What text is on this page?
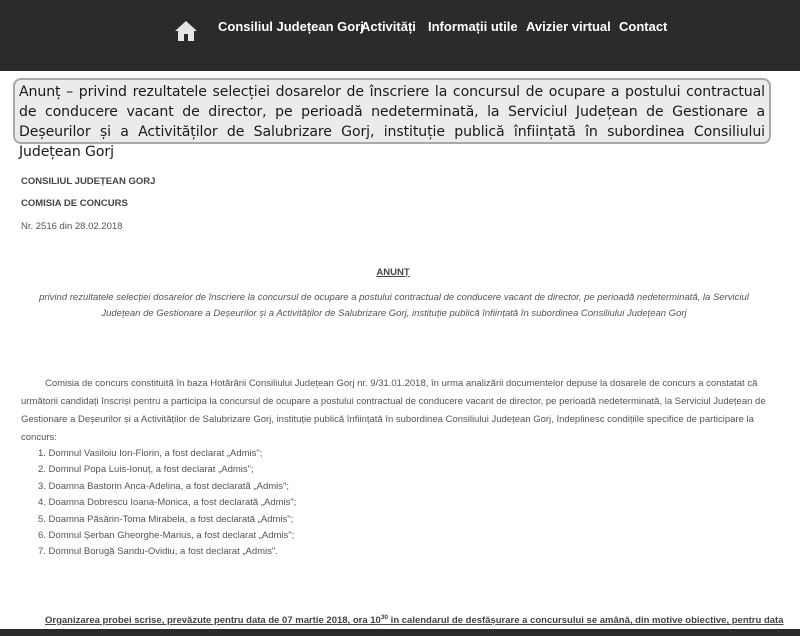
Consiliul Județean Gorj
Activități Informații utile Avizier virtual Contact
Anunț – privind rezultatele selecției dosarelor de înscriere la concursul de ocupare a postului contractual de conducere vacant de director, pe perioadă nedeterminată, la Serviciul Județean de Gestionare a Deșeurilor și a Activităților de Salubrizare Gorj, instituție publică înființată în subordinea Consiliului Județean Gorj
CONSILIUL JUDEȚEAN GORJ
COMISIA DE CONCURS
Nr. 2516 din 28.02.2018
ANUNȚ
privind rezultatele selecției dosarelor de înscriere la concursul de ocupare a postului contractual de conducere vacant de director, pe perioadă nedeterminată, la Serviciul Județean de Gestionare a Deșeurilor și a Activităților de Salubrizare Gorj, instituție publică înființată în subordinea Consiliului Județean Gorj
Comisia de concurs constituită în baza Hotărârii Consiliului Județean Gorj nr. 9/31.01.2018, în urma analizării documentelor depuse la dosarele de concurs a constatat că următorii candidați înscriși pentru a participa la concursul de ocupare a postului contractual de conducere vacant de director, pe perioadă nedeterminată, la Serviciul Județean de Gestionare a Deșeurilor și a Activităților de Salubrizare Gorj, instituție publică înființată în subordinea Consiliului Județean Gorj, îndeplinesc condițiile specifice de participare la concurs:
1. Domnul Vasiloiu Ion-Florin, a fost declarat „Admis";
2. Domnul Popa Luis-Ionuț, a fost declarat „Admis";
3. Doamna Bastorin Anca-Adelina, a fost declarată „Admis";
4. Doamna Dobrescu Ioana-Monica, a fost declarată „Admis";
5. Doamna Păsărin-Toma Mirabela, a fost declarată „Admis";
6. Domnul Șerban Gheorghe-Marius, a fost declarat „Admis";
7. Domnul Borugă Sandu-Ovidiu, a fost declarat „Admis".
Organizarea probei scrise, prevăzute pentru data de 07 martie 2018, ora $10^{30}$ în calendarul de desfășurare a concursului se amână, din motive obiective, pentru data
